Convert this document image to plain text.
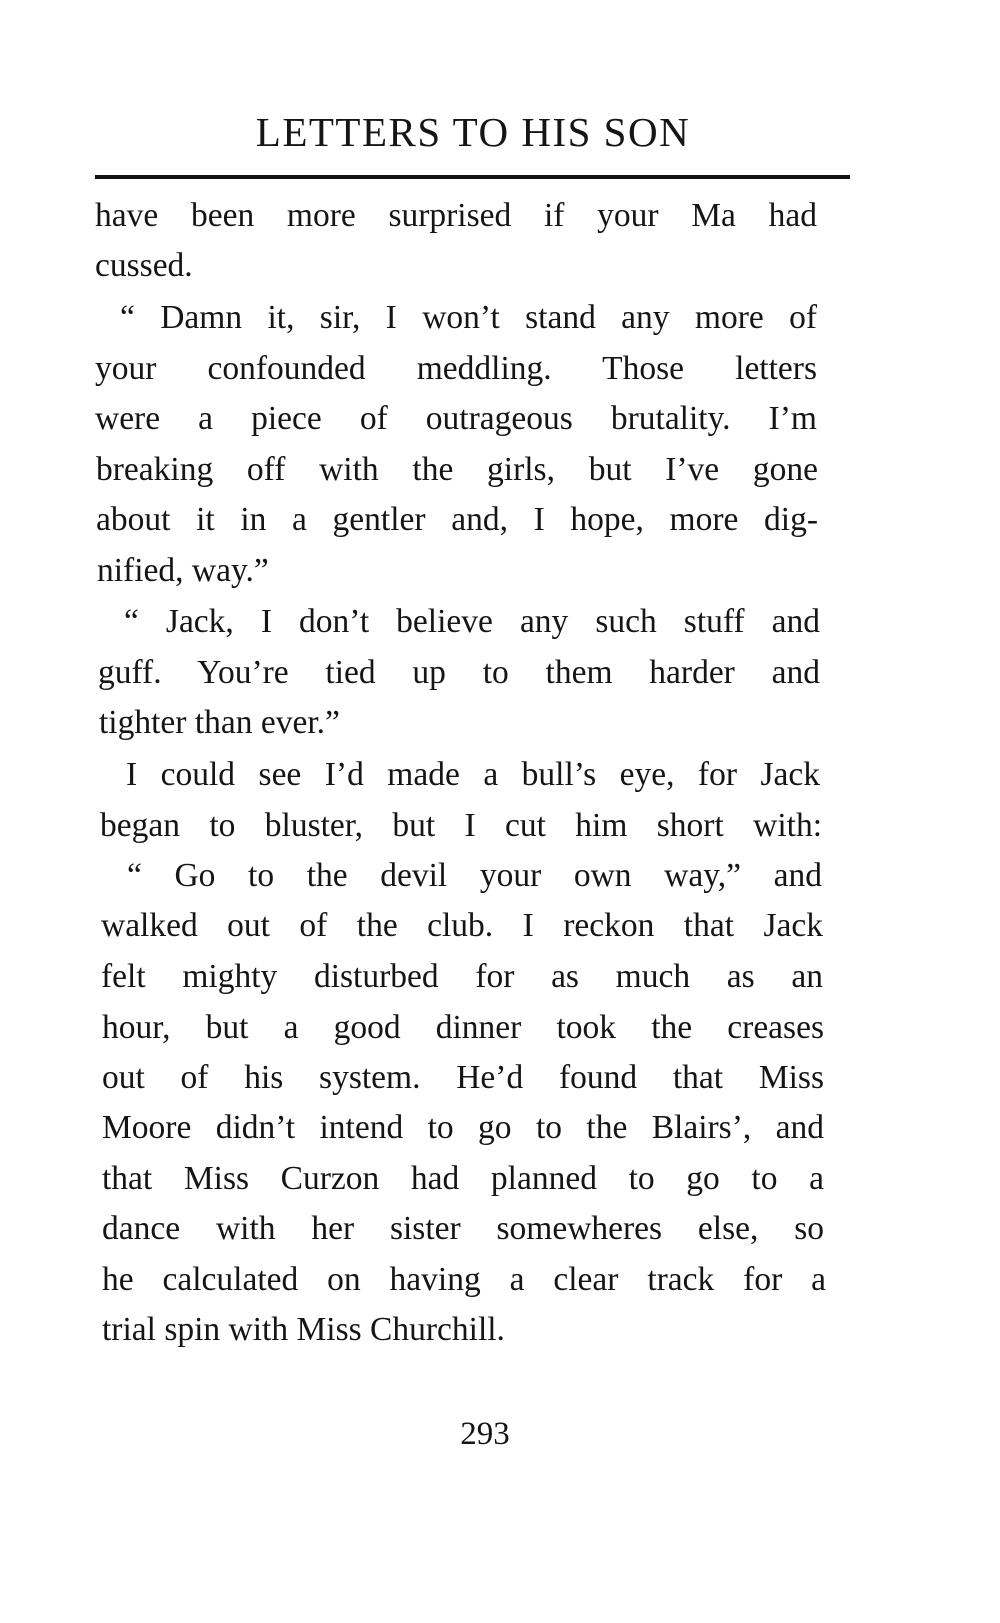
LETTERS TO HIS SON
have been more surprised if your Ma had
cussed.
“ Damn it, sir, I won’t stand any more of
your confounded meddling. Those letters
were a piece of outrageous brutality. I’m
breaking off with the girls, but I’ve gone
about it in a gentler and, I hope, more dig-
nified, way.”
“ Jack, I don’t believe any such stuff and
guff. You’re tied up to them harder and
tighter than ever.”
I could see I’d made a bull’s eye, for Jack
began to bluster, but I cut him short with:
“ Go to the devil your own way,” and
walked out of the club. I reckon that Jack
felt mighty disturbed for as much as an
hour, but a good dinner took the creases
out of his system. He’d found that Miss
Moore didn’t intend to go to the Blairs’, and
that Miss Curzon had planned to go to a
dance with her sister somewheres else, so
he calculated on having a clear track for a
trial spin with Miss Churchill.
293
